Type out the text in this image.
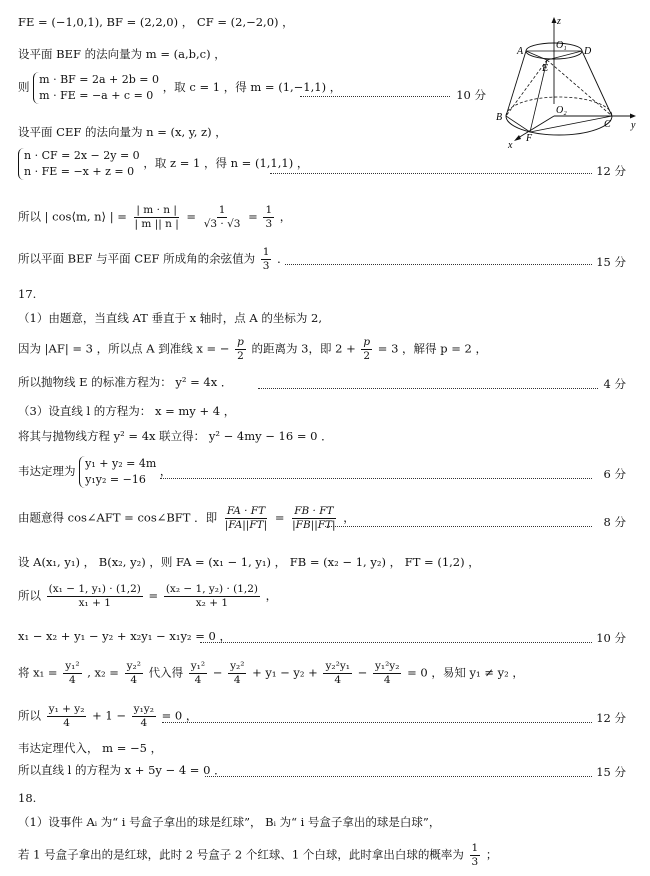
FE = (−1,0,1), BF = (2,2,0) ， CF = (2,−2,0) ，
设平面 BEF 的法向量为 m = (a,b,c) ，
则
m · BF = 2a + 2b = 0
m · FE = −a + c = 0
，取 c = 1 ，得 m = (1,−1,1) ，
10 分
设平面 CEF 的法向量为 n = (x, y, z) ，
n · CF = 2x − 2y = 0
n · FE = −x + z = 0
，取 z = 1 ，得 n = (1,1,1) ，
12 分
所以 | cos⟨m, n⟩ | = $\frac{| m \cdot n |}{| m || n |} = \frac{1}{√3 \cdot √3} = \frac{1}{3}$ ，
所以平面 BEF 与平面 CEF 所成角的余弦值为 $\frac{1}{3}$ ．	15 分
17.
（1）由题意，当直线 AT 垂直于 x 轴时，点 A 的坐标为 2,
因为 |AF| = 3 ，所以点 A 到准线 x = − $\frac{p}{2}$ 的距离为 3，即 $2 + \frac{p}{2} = 3$ ，解得 p = 2 ，
所以抛物线 E 的标准方程为： y² = 4x ．	4 分
（3）设直线 l 的方程为： x = my + 4 ，
将其与抛物线方程 y² = 4x 联立得： y² − 4my − 16 = 0 ．
韦达定理为
y₁ + y₂ = 4m
y₁y₂ = −16
，	6 分
由题意得 cos∠AFT = cos∠BFT ．即 $\frac{FA \cdot FT}{|FA||FT|} = \frac{FB \cdot FT}{|FB||FT|}$ ，	8 分
设 A(x₁, y₁) ， B(x₂, y₂) ，则 FA = (x₁ − 1, y₁) ， FB = (x₂ − 1, y₂) ， FT = (1,2) ，
所以 $\frac{\text{(x₁ − 1, y₁) · (1,2)}}{\text{x₁ + 1}} = \frac{\text{(x₂ − 1, y₂) · (1,2)}}{\text{x₂ + 1}}$ ，
x₁ − x₂ + y₁ − y₂ + x₂y₁ − x₁y₂ = 0 ，	10 分
将 $x_1 = \frac{\text{y₁²}}{4}$ , $x_2 = \frac{\text{y₂²}}{4}$ 代入得 $\frac{\text{y₁²}}{4} - \frac{\text{y₂²}}{4} + y_1 - y_2 + \frac{\text{y₂²y₁}}{4} - \frac{\text{y₁²y₂}}{4} = 0$ ，易知 y₁ ≠ y₂ ，
所以 $\frac{\text{y₁ + y₂}}{4} + 1 - \frac{\text{y₁y₂}}{4} = 0$ ，	12 分
韦达定理代入， m = −5 ，
所以直线 l 的方程为 x + 5y − 4 = 0 ．	15 分
18.
（1）设事件 Aᵢ 为“ i 号盒子拿出的球是红球”， Bᵢ 为“ i 号盒子拿出的球是白球”，
若 1 号盒子拿出的是红球，此时 2 号盒子 2 个红球、1 个白球，此时拿出白球的概率为 $\frac{1}{3}$ ；
z
A
O₁
D
E
O₂
B
F
C y
x
